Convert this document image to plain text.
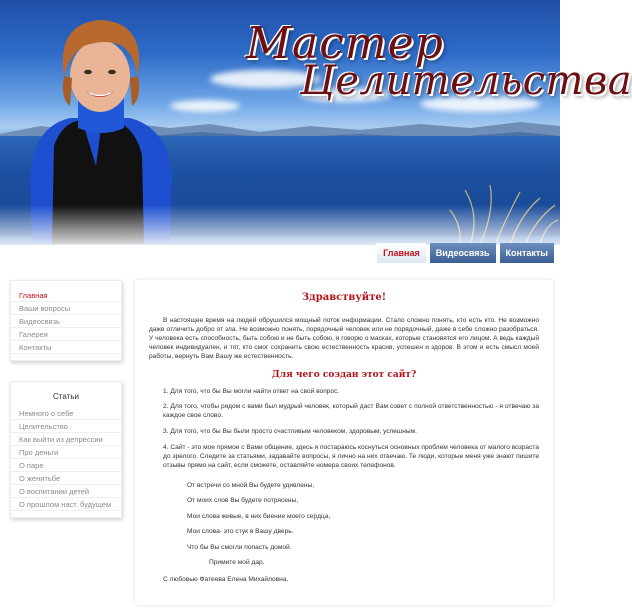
Мастер
Целительства
Главная	Видеосвязь	Контакты
Главная
Ваши вопросы
Видеосвязь
Галерея
Контакты
Статьи
Немного о себе
Целительство
Как выйти из депрессии
Про деньги
О паре
О женитьбе
О воспитании детей
О прошлом наст. будущем
Здравствуйте!

В настоящее время на людей обрушился мощный поток информации. Стало сложно понять, кто есть кто. Не возможно даже отличить добро от зла. Не возможно понять, порядочный человек или не порядочный, даже в себе сложно разобраться. У человека есть способность, быть собою и не быть собою, я говорю о масках, которые становятся его лицом. А ведь каждый человек индивидуален, и тот, кто смог сохранить свою естественность красив, успешен и здоров. В этом и есть смысл моей работы, вернуть Вам Вашу же естественность.

Для чего создан этот сайт?

1. Для того, что бы Вы могли найти ответ на свой вопрос.

2. Для того, чтобы рядом с вами был мудрый человек, который даст Вам совет с полной ответственностью - я отвечаю за каждое свое слово.

3. Для того, что бы Вы были просто счастливым человеком, здоровым, успешным.

4. Сайт - это мое прямое с Вами общение, здесь я постараюсь коснуться основных проблем человека от малого возраста до зрелого. Следите за статьями, задавайте вопросы, я лично на них отвечаю. Те люди, которые меня уже знают пишите отзывы прямо на сайт, если сможете, оставляйте номера своих телефонов.

От встречи со мной Вы будете удивлены,
От моих слов Вы будете потрясены,
Мои слова живые, в них биение моего сердца,
Мои слова- это стук в Вашу дверь.
Что бы Вы смогли попасть домой.
Примите мой дар.
С любовью Фатеева Елена Михайловна.
